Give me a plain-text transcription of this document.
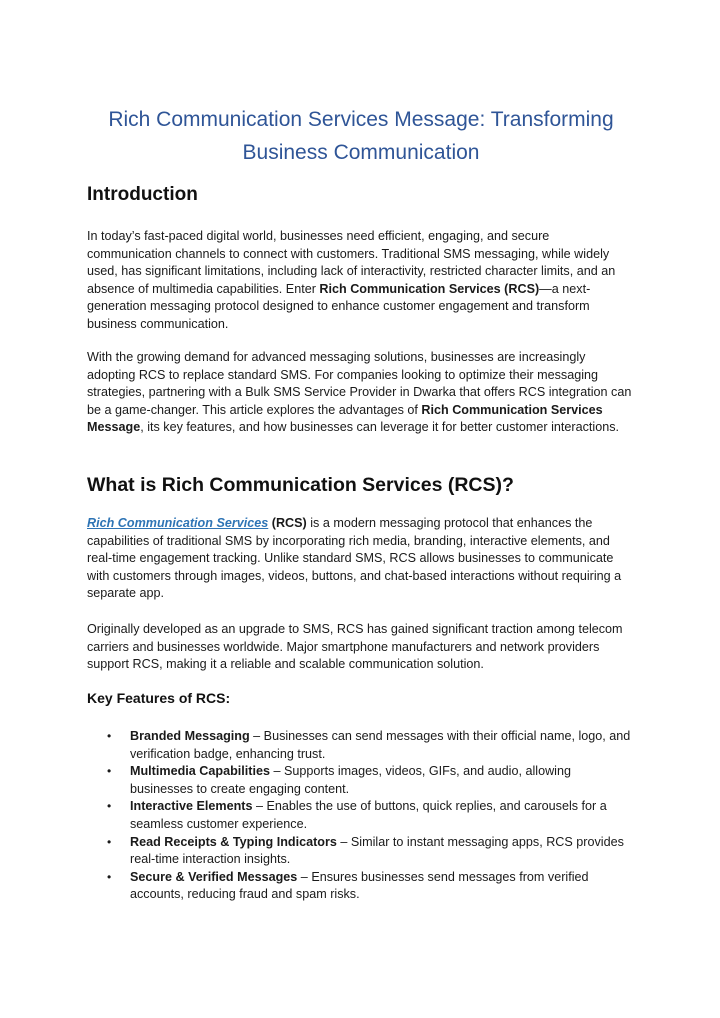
Rich Communication Services Message: Transforming Business Communication
Introduction

In today’s fast-paced digital world, businesses need efficient, engaging, and secure communication channels to connect with customers. Traditional SMS messaging, while widely used, has significant limitations, including lack of interactivity, restricted character limits, and an absence of multimedia capabilities. Enter Rich Communication Services (RCS)—a next-generation messaging protocol designed to enhance customer engagement and transform business communication.

With the growing demand for advanced messaging solutions, businesses are increasingly adopting RCS to replace standard SMS. For companies looking to optimize their messaging strategies, partnering with a Bulk SMS Service Provider in Dwarka that offers RCS integration can be a game-changer. This article explores the advantages of Rich Communication Services Message, its key features, and how businesses can leverage it for better customer interactions.

What is Rich Communication Services (RCS)?

Rich Communication Services (RCS) is a modern messaging protocol that enhances the capabilities of traditional SMS by incorporating rich media, branding, interactive elements, and real-time engagement tracking. Unlike standard SMS, RCS allows businesses to communicate with customers through images, videos, buttons, and chat-based interactions without requiring a separate app.

Originally developed as an upgrade to SMS, RCS has gained significant traction among telecom carriers and businesses worldwide. Major smartphone manufacturers and network providers support RCS, making it a reliable and scalable communication solution.

Key Features of RCS:
• Branded Messaging – Businesses can send messages with their official name, logo, and verification badge, enhancing trust.
• Multimedia Capabilities – Supports images, videos, GIFs, and audio, allowing businesses to create engaging content.
• Interactive Elements – Enables the use of buttons, quick replies, and carousels for a seamless customer experience.
• Read Receipts & Typing Indicators – Similar to instant messaging apps, RCS provides real-time interaction insights.
• Secure & Verified Messages – Ensures businesses send messages from verified accounts, reducing fraud and spam risks.
